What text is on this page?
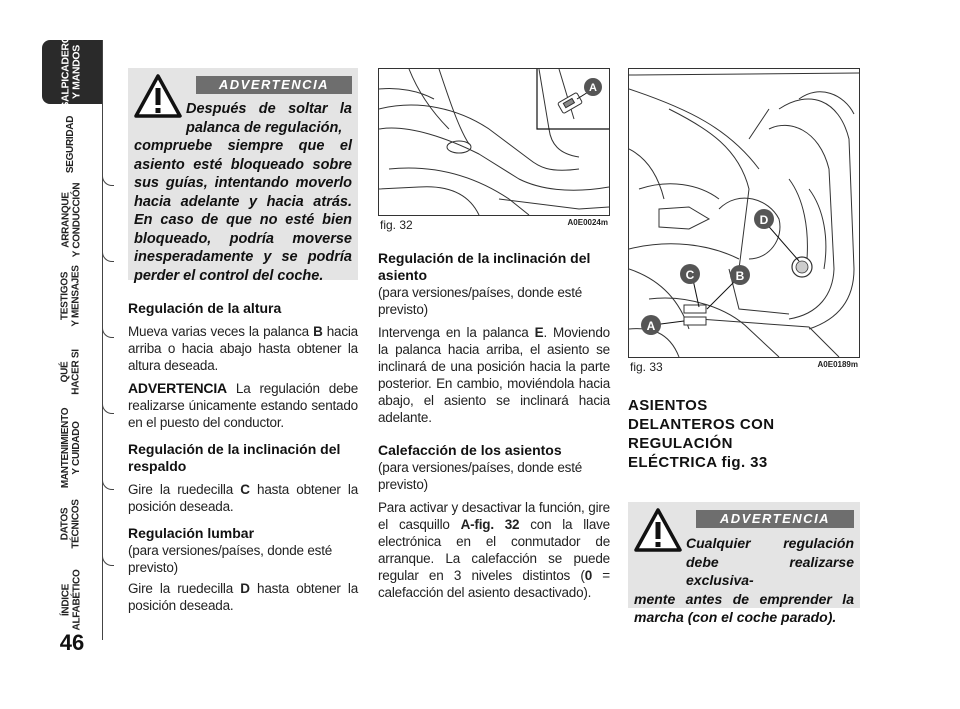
SALPICADERO
Y MANDOS
SEGURIDAD
ARRANQUE
Y CONDUCCIÓN
TESTIGOS
Y MENSAJES
QUÉ
HACER SI
MANTENIMIENTO
Y CUIDADO
DATOS
TÉCNICOS
ÍNDICE
ALFABÉTICO
46
ADVERTENCIA
Después de soltar la palanca de regulación,
compruebe siempre que el asiento esté bloqueado sobre sus guías, intentando moverlo hacia adelante y hacia atrás. En caso de que no esté bien bloqueado, podría moverse inesperadamente y se podría perder el control del coche.
Regulación de la altura
Mueva varias veces la palanca B hacia arriba o hacia abajo hasta obtener la altura deseada.
ADVERTENCIA La regulación debe realizarse únicamente estando sentado en el puesto del conductor.
Regulación de la inclinación del respaldo
Gire la ruedecilla C hasta obtener la posición deseada.
Regulación lumbar
(para versiones/países, donde esté previsto)
Gire la ruedecilla D hasta obtener la posición deseada.
A
fig. 32	A0E0024m
Regulación de la inclinación del asiento
(para versiones/países, donde esté previsto)
Intervenga en la palanca E. Moviendo la palanca hacia arriba, el asiento se inclinará de una posición hacia la parte posterior. En cambio, moviéndola hacia abajo, el asiento se inclinará hacia adelante.
Calefacción de los asientos
(para versiones/países, donde esté previsto)
Para activar y desactivar la función, gire el casquillo A-fig. 32 con la llave electrónica en el conmutador de arranque. La calefacción se puede regular en 3 niveles distintos (0 = calefacción del asiento desactivado).
D
C	B
A
fig. 33	A0E0189m
ASIENTOS DELANTEROS CON REGULACIÓN ELÉCTRICA fig. 33
ADVERTENCIA
Cualquier regulación debe realizarse exclusiva-
mente antes de emprender la marcha (con el coche parado).
